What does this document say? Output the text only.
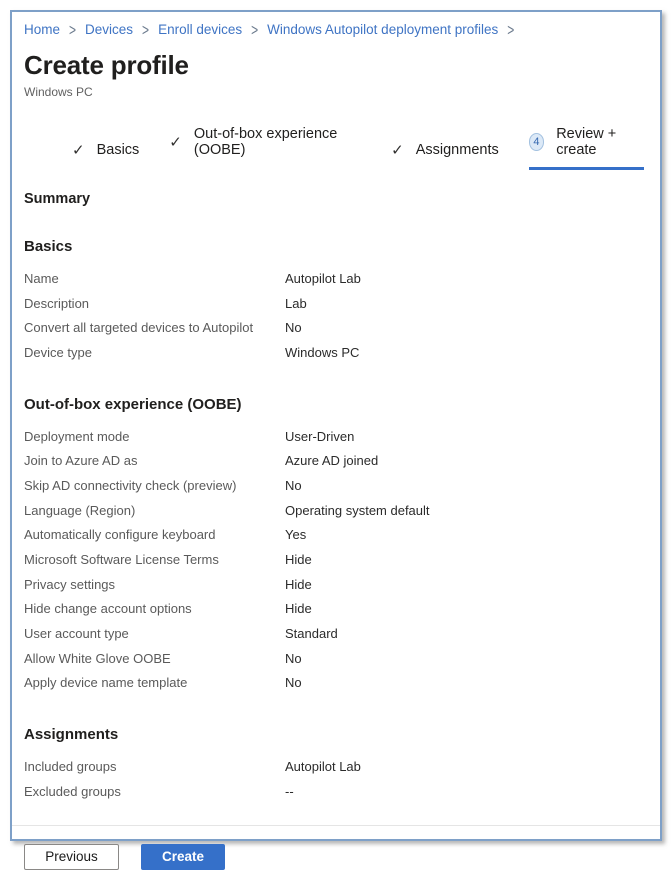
Home > Devices > Enroll devices > Windows Autopilot deployment profiles >
Create profile
Windows PC
✓ Basics ✓ Out-of-box experience (OOBE)	✓ Assignments	4	Review + create
Summary
Basics
Name	Autopilot Lab
Description	Lab
Convert all targeted devices to Autopilot	No
Device type	Windows PC
Out-of-box experience (OOBE)
Deployment mode	User-Driven
Join to Azure AD as	Azure AD joined
Skip AD connectivity check (preview)	No
Language (Region)	Operating system default
Automatically configure keyboard	Yes
Microsoft Software License Terms	Hide
Privacy settings	Hide
Hide change account options	Hide
User account type	Standard
Allow White Glove OOBE	No
Apply device name template	No
Assignments
Included groups	Autopilot Lab
Excluded groups	--
Previous	Create
